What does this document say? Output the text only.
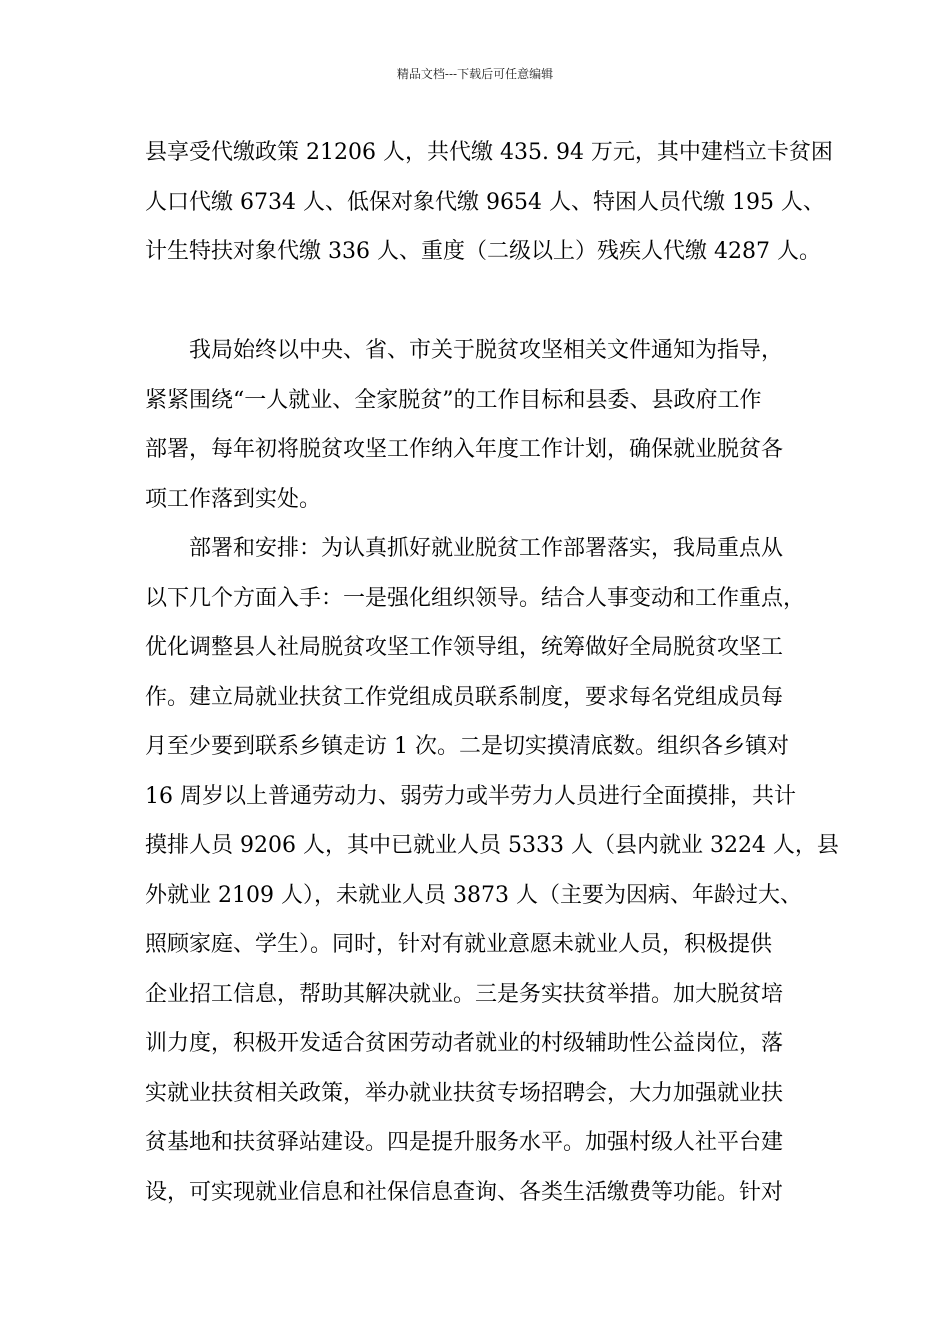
精品文档---下载后可任意编辑
县享受代缴政策 21206 人，共代缴 435. 94 万元，其中建档立卡贫困
人口代缴 6734 人、低保对象代缴 9654 人、特困人员代缴 195 人、
计生特扶对象代缴 336 人、重度（二级以上）残疾人代缴 4287 人。
　　我局始终以中央、省、市关于脱贫攻坚相关文件通知为指导，
紧紧围绕“一人就业、全家脱贫”的工作目标和县委、县政府工作
部署，每年初将脱贫攻坚工作纳入年度工作计划，确保就业脱贫各
项工作落到实处。
　　部署和安排：为认真抓好就业脱贫工作部署落实，我局重点从
以下几个方面入手：一是强化组织领导。结合人事变动和工作重点，
优化调整县人社局脱贫攻坚工作领导组，统筹做好全局脱贫攻坚工
作。建立局就业扶贫工作党组成员联系制度，要求每名党组成员每
月至少要到联系乡镇走访 1 次。二是切实摸清底数。组织各乡镇对
16 周岁以上普通劳动力、弱劳力或半劳力人员进行全面摸排，共计
摸排人员 9206 人，其中已就业人员 5333 人（县内就业 3224 人，县
外就业 2109 人），未就业人员 3873 人（主要为因病、年龄过大、
照顾家庭、学生）。同时，针对有就业意愿未就业人员，积极提供
企业招工信息，帮助其解决就业。三是务实扶贫举措。加大脱贫培
训力度，积极开发适合贫困劳动者就业的村级辅助性公益岗位，落
实就业扶贫相关政策，举办就业扶贫专场招聘会，大力加强就业扶
贫基地和扶贫驿站建设。四是提升服务水平。加强村级人社平台建
设，可实现就业信息和社保信息查询、各类生活缴费等功能。针对
